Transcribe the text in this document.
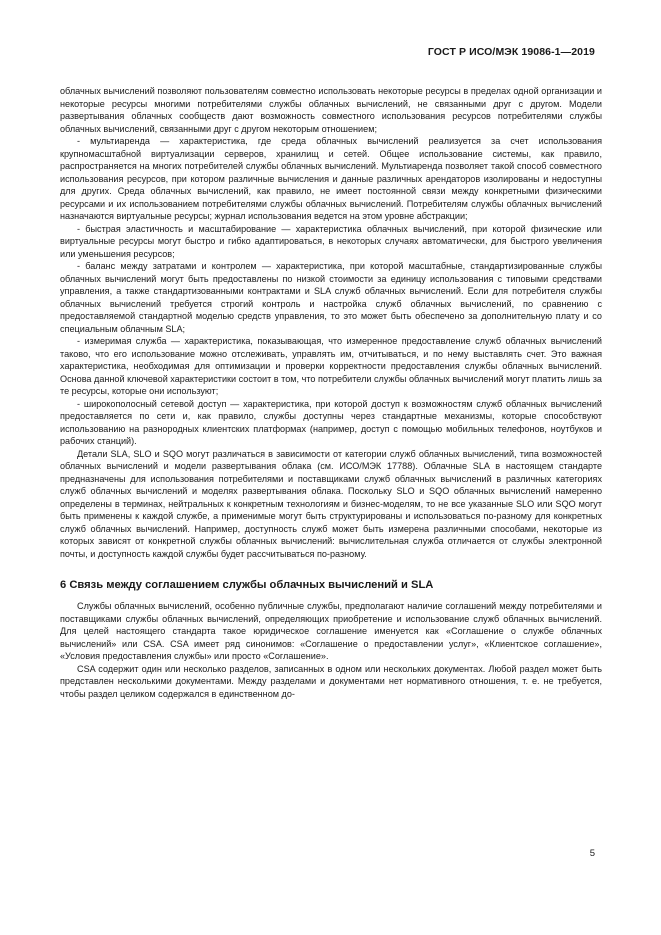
ГОСТ Р ИСО/МЭК 19086-1—2019

облачных вычислений позволяют пользователям совместно использовать некоторые ресурсы в пределах одной организации и некоторые ресурсы многими потребителями службы облачных вычислений, не связанными друг с другом. Модели развертывания облачных сообществ дают возможность совместного использования ресурсов потребителями службы облачных вычислений, связанными друг с другом некоторым отношением;

- мультиаренда — характеристика, где среда облачных вычислений реализуется за счет использования крупномасштабной виртуализации серверов, хранилищ и сетей. Общее использование системы, как правило, распространяется на многих потребителей службы облачных вычислений. Мультиаренда позволяет такой способ совместного использования ресурсов, при котором различные вычисления и данные различных арендаторов изолированы и недоступны для других. Среда облачных вычислений, как правило, не имеет постоянной связи между конкретными физическими ресурсами и их использованием потребителями службы облачных вычислений. Потребителям службы облачных вычислений назначаются виртуальные ресурсы; журнал использования ведется на этом уровне абстракции;

- быстрая эластичность и масштабирование — характеристика облачных вычислений, при которой физические или виртуальные ресурсы могут быстро и гибко адаптироваться, в некоторых случаях автоматически, для быстрого увеличения или уменьшения ресурсов;

- баланс между затратами и контролем — характеристика, при которой масштабные, стандартизированные службы облачных вычислений могут быть предоставлены по низкой стоимости за единицу использования с типовыми средствами управления, а также стандартизованными контрактами и SLA служб облачных вычислений. Если для потребителя службы облачных вычислений требуется строгий контроль и настройка служб облачных вычислений, по сравнению с предоставляемой стандартной моделью средств управления, то это может быть обеспечено за дополнительную плату и со специальным облачным SLA;

- измеримая служба — характеристика, показывающая, что измеренное предоставление служб облачных вычислений таково, что его использование можно отслеживать, управлять им, отчитываться, и по нему выставлять счет. Это важная характеристика, необходимая для оптимизации и проверки корректности предоставления службы облачных вычислений. Основа данной ключевой характеристики состоит в том, что потребители службы облачных вычислений могут платить лишь за те ресурсы, которые они используют;

- широкополосный сетевой доступ — характеристика, при которой доступ к возможностям служб облачных вычислений предоставляется по сети и, как правило, службы доступны через стандартные механизмы, которые способствуют использованию на разнородных клиентских платформах (например, доступ с помощью мобильных телефонов, ноутбуков и рабочих станций).

Детали SLA, SLO и SQO могут различаться в зависимости от категории служб облачных вычислений, типа возможностей облачных вычислений и модели развертывания облака (см. ИСО/МЭК 17788). Облачные SLA в настоящем стандарте предназначены для использования потребителями и поставщиками служб облачных вычислений в различных категориях служб облачных вычислений и моделях развертывания облака. Поскольку SLO и SQO облачных вычислений намеренно определены в терминах, нейтральных к конкретным технологиям и бизнес-моделям, то не все указанные SLO или SQO могут быть применены к каждой службе, а применимые могут быть структурированы и использоваться по-разному для конкретных служб облачных вычислений. Например, доступность служб может быть измерена различными способами, некоторые из которых зависят от конкретной службы облачных вычислений: вычислительная служба отличается от службы электронной почты, и доступность каждой службы будет рассчитываться по-разному.

6 Связь между соглашением службы облачных вычислений и SLA

Службы облачных вычислений, особенно публичные службы, предполагают наличие соглашений между потребителями и поставщиками службы облачных вычислений, определяющих приобретение и использование служб облачных вычислений. Для целей настоящего стандарта такое юридическое соглашение именуется как «Соглашение о службе облачных вычислений» или CSA. CSA имеет ряд синонимов: «Соглашение о предоставлении услуг», «Клиентское соглашение», «Условия предоставления службы» или просто «Соглашение».

CSA содержит один или несколько разделов, записанных в одном или нескольких документах. Любой раздел может быть представлен несколькими документами. Между разделами и документами нет нормативного отношения, т. е. не требуется, чтобы раздел целиком содержался в единственном до-

5
